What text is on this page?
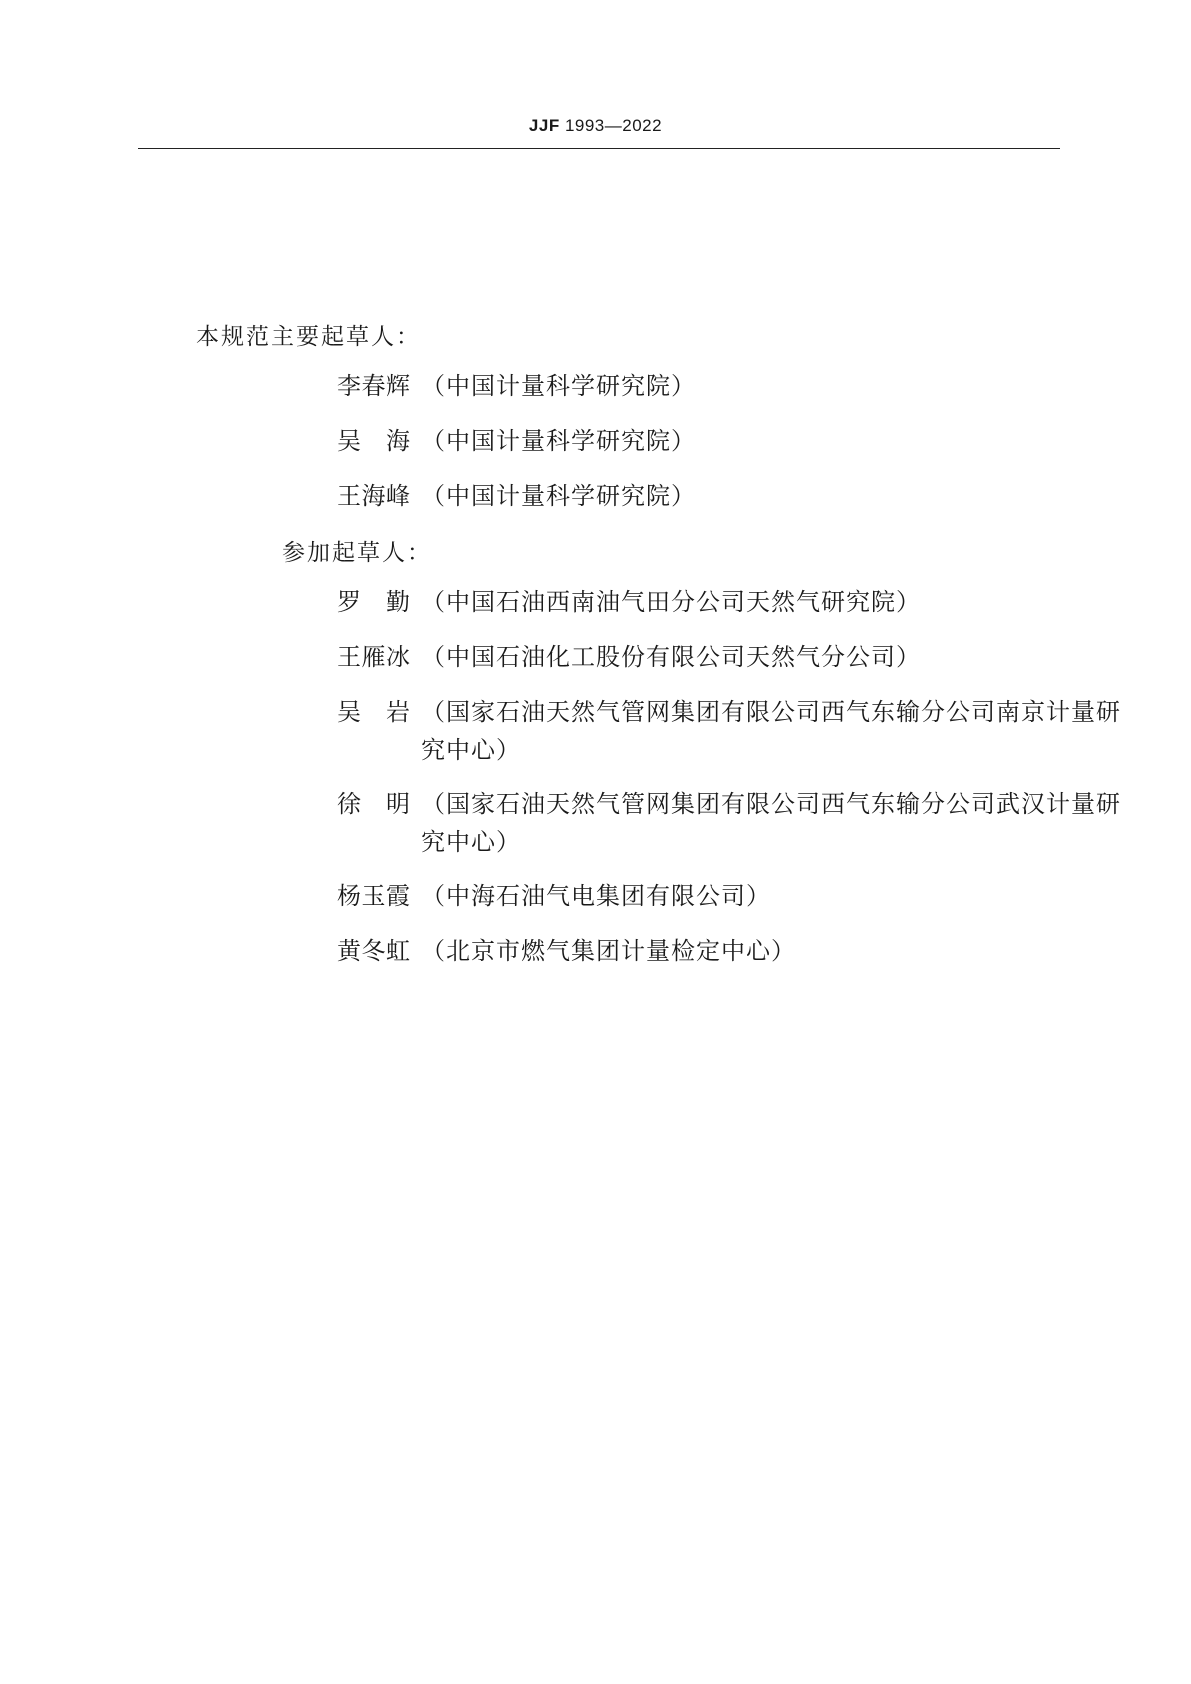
JJF 1993—2022
本规范主要起草人：
李春辉 （中国计量科学研究院）
吴　海 （中国计量科学研究院）
王海峰 （中国计量科学研究院）
参加起草人：
罗　勤 （中国石油西南油气田分公司天然气研究院）
王雁冰 （中国石油化工股份有限公司天然气分公司）
吴　岩 （国家石油天然气管网集团有限公司西气东输分公司南京计量研究中心）
徐　明 （国家石油天然气管网集团有限公司西气东输分公司武汉计量研究中心）
杨玉霞 （中海石油气电集团有限公司）
黄冬虹 （北京市燃气集团计量检定中心）
